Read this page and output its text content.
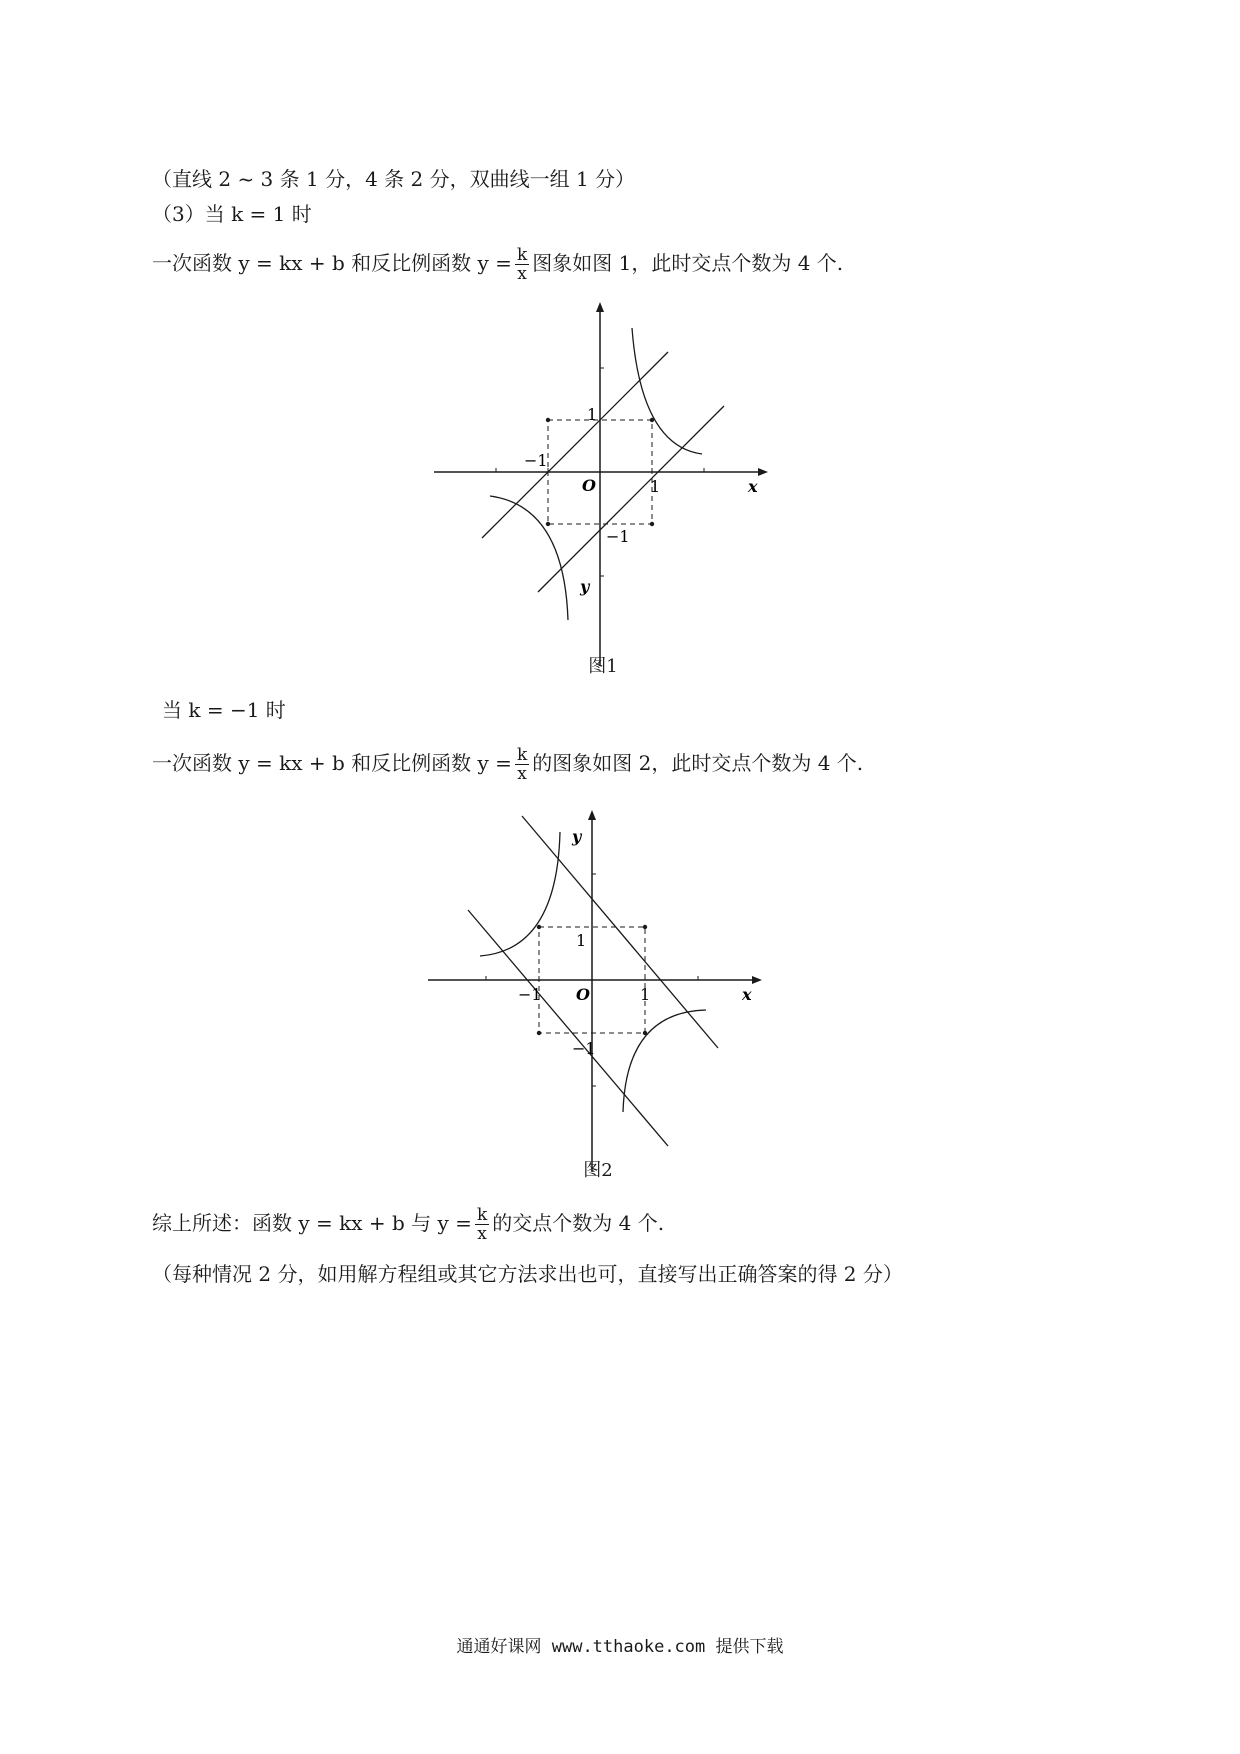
（直线 2 ~ 3 条 1 分，4 条 2 分，双曲线一组 1 分）
（3）当 k = 1 时
一次函数 y = kx + b 和反比例函数 $y = \frac{k}{x}$ 图象如图 1，此时交点个数为 4 个.
y
x
O	1
−1
1
−1
图1
当 k = −1 时
一次函数 y = kx + b 和反比例函数 $y = \frac{k}{x}$ 的图象如图 2，此时交点个数为 4 个.
y
x
O	1
−1
1
−1
图2
综上所述：函数 y = kx + b 与 $y = \frac{k}{x}$ 的交点个数为 4 个.
（每种情况 2 分，如用解方程组或其它方法求出也可，直接写出正确答案的得 2 分）
通通好课网 www.tthaoke.com 提供下载
